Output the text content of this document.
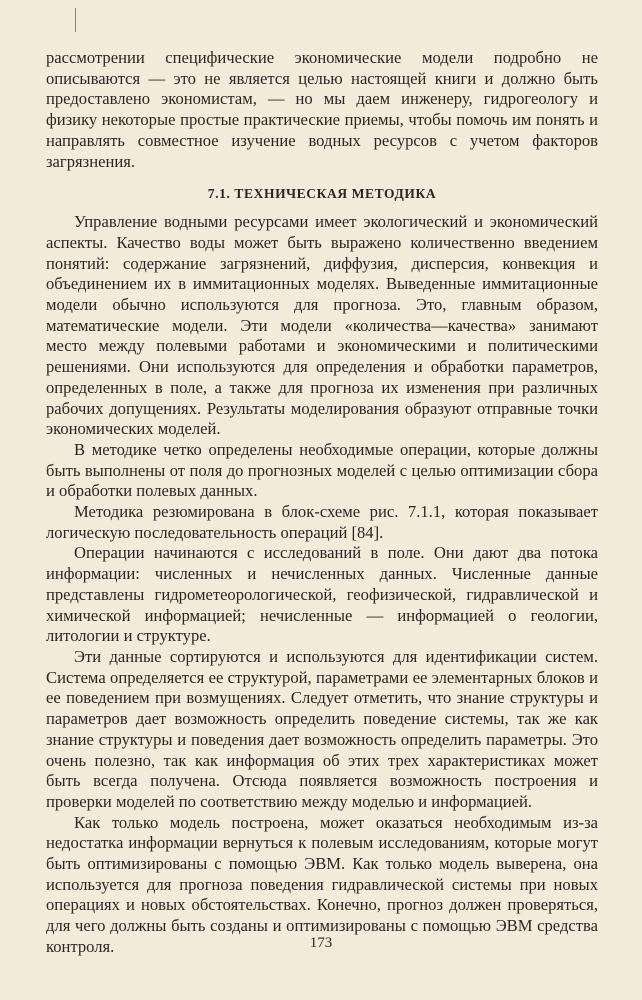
рассмотрении специфические экономические модели подробно не описываются — это не является целью настоящей книги и должно быть предоставлено экономистам, — но мы даем инженеру, гидрогеологу и физику некоторые простые практические приемы, чтобы помочь им понять и направлять совместное изучение водных ресурсов с учетом факторов загрязнения.

7.1. ТЕХНИЧЕСКАЯ МЕТОДИКА

Управление водными ресурсами имеет экологический и экономический аспекты. Качество воды может быть выражено количественно введением понятий: содержание загрязнений, диффузия, дисперсия, конвекция и объединением их в иммитационных моделях. Выведенные иммитационные модели обычно используются для прогноза. Это, главным образом, математические модели. Эти модели «количества—качества» занимают место между полевыми работами и экономическими и политическими решениями. Они используются для определения и обработки параметров, определенных в поле, а также для прогноза их изменения при различных рабочих допущениях. Результаты моделирования образуют отправные точки экономических моделей.

В методике четко определены необходимые операции, которые должны быть выполнены от поля до прогнозных моделей с целью оптимизации сбора и обработки полевых данных.

Методика резюмирована в блок-схеме рис. 7.1.1, которая показывает логическую последовательность операций [84].

Операции начинаются с исследований в поле. Они дают два потока информации: численных и нечисленных данных. Численные данные представлены гидрометеорологической, геофизической, гидравлической и химической информацией; нечисленные — информацией о геологии, литологии и структуре.

Эти данные сортируются и используются для идентификации систем. Система определяется ее структурой, параметрами ее элементарных блоков и ее поведением при возмущениях. Следует отметить, что знание структуры и параметров дает возможность определить поведение системы, так же как знание структуры и поведения дает возможность определить параметры. Это очень полезно, так как информация об этих трех характеристиках может быть всегда получена. Отсюда появляется возможность построения и проверки моделей по соответствию между моделью и информацией.

Как только модель построена, может оказаться необходимым из-за недостатка информации вернуться к полевым исследованиям, которые могут быть оптимизированы с помощью ЭВМ. Как только модель выверена, она используется для прогноза поведения гидравлической системы при новых операциях и новых обстоятельствах. Конечно, прогноз должен проверяться, для чего должны быть созданы и оптимизированы с помощью ЭВМ средства контроля.	173
